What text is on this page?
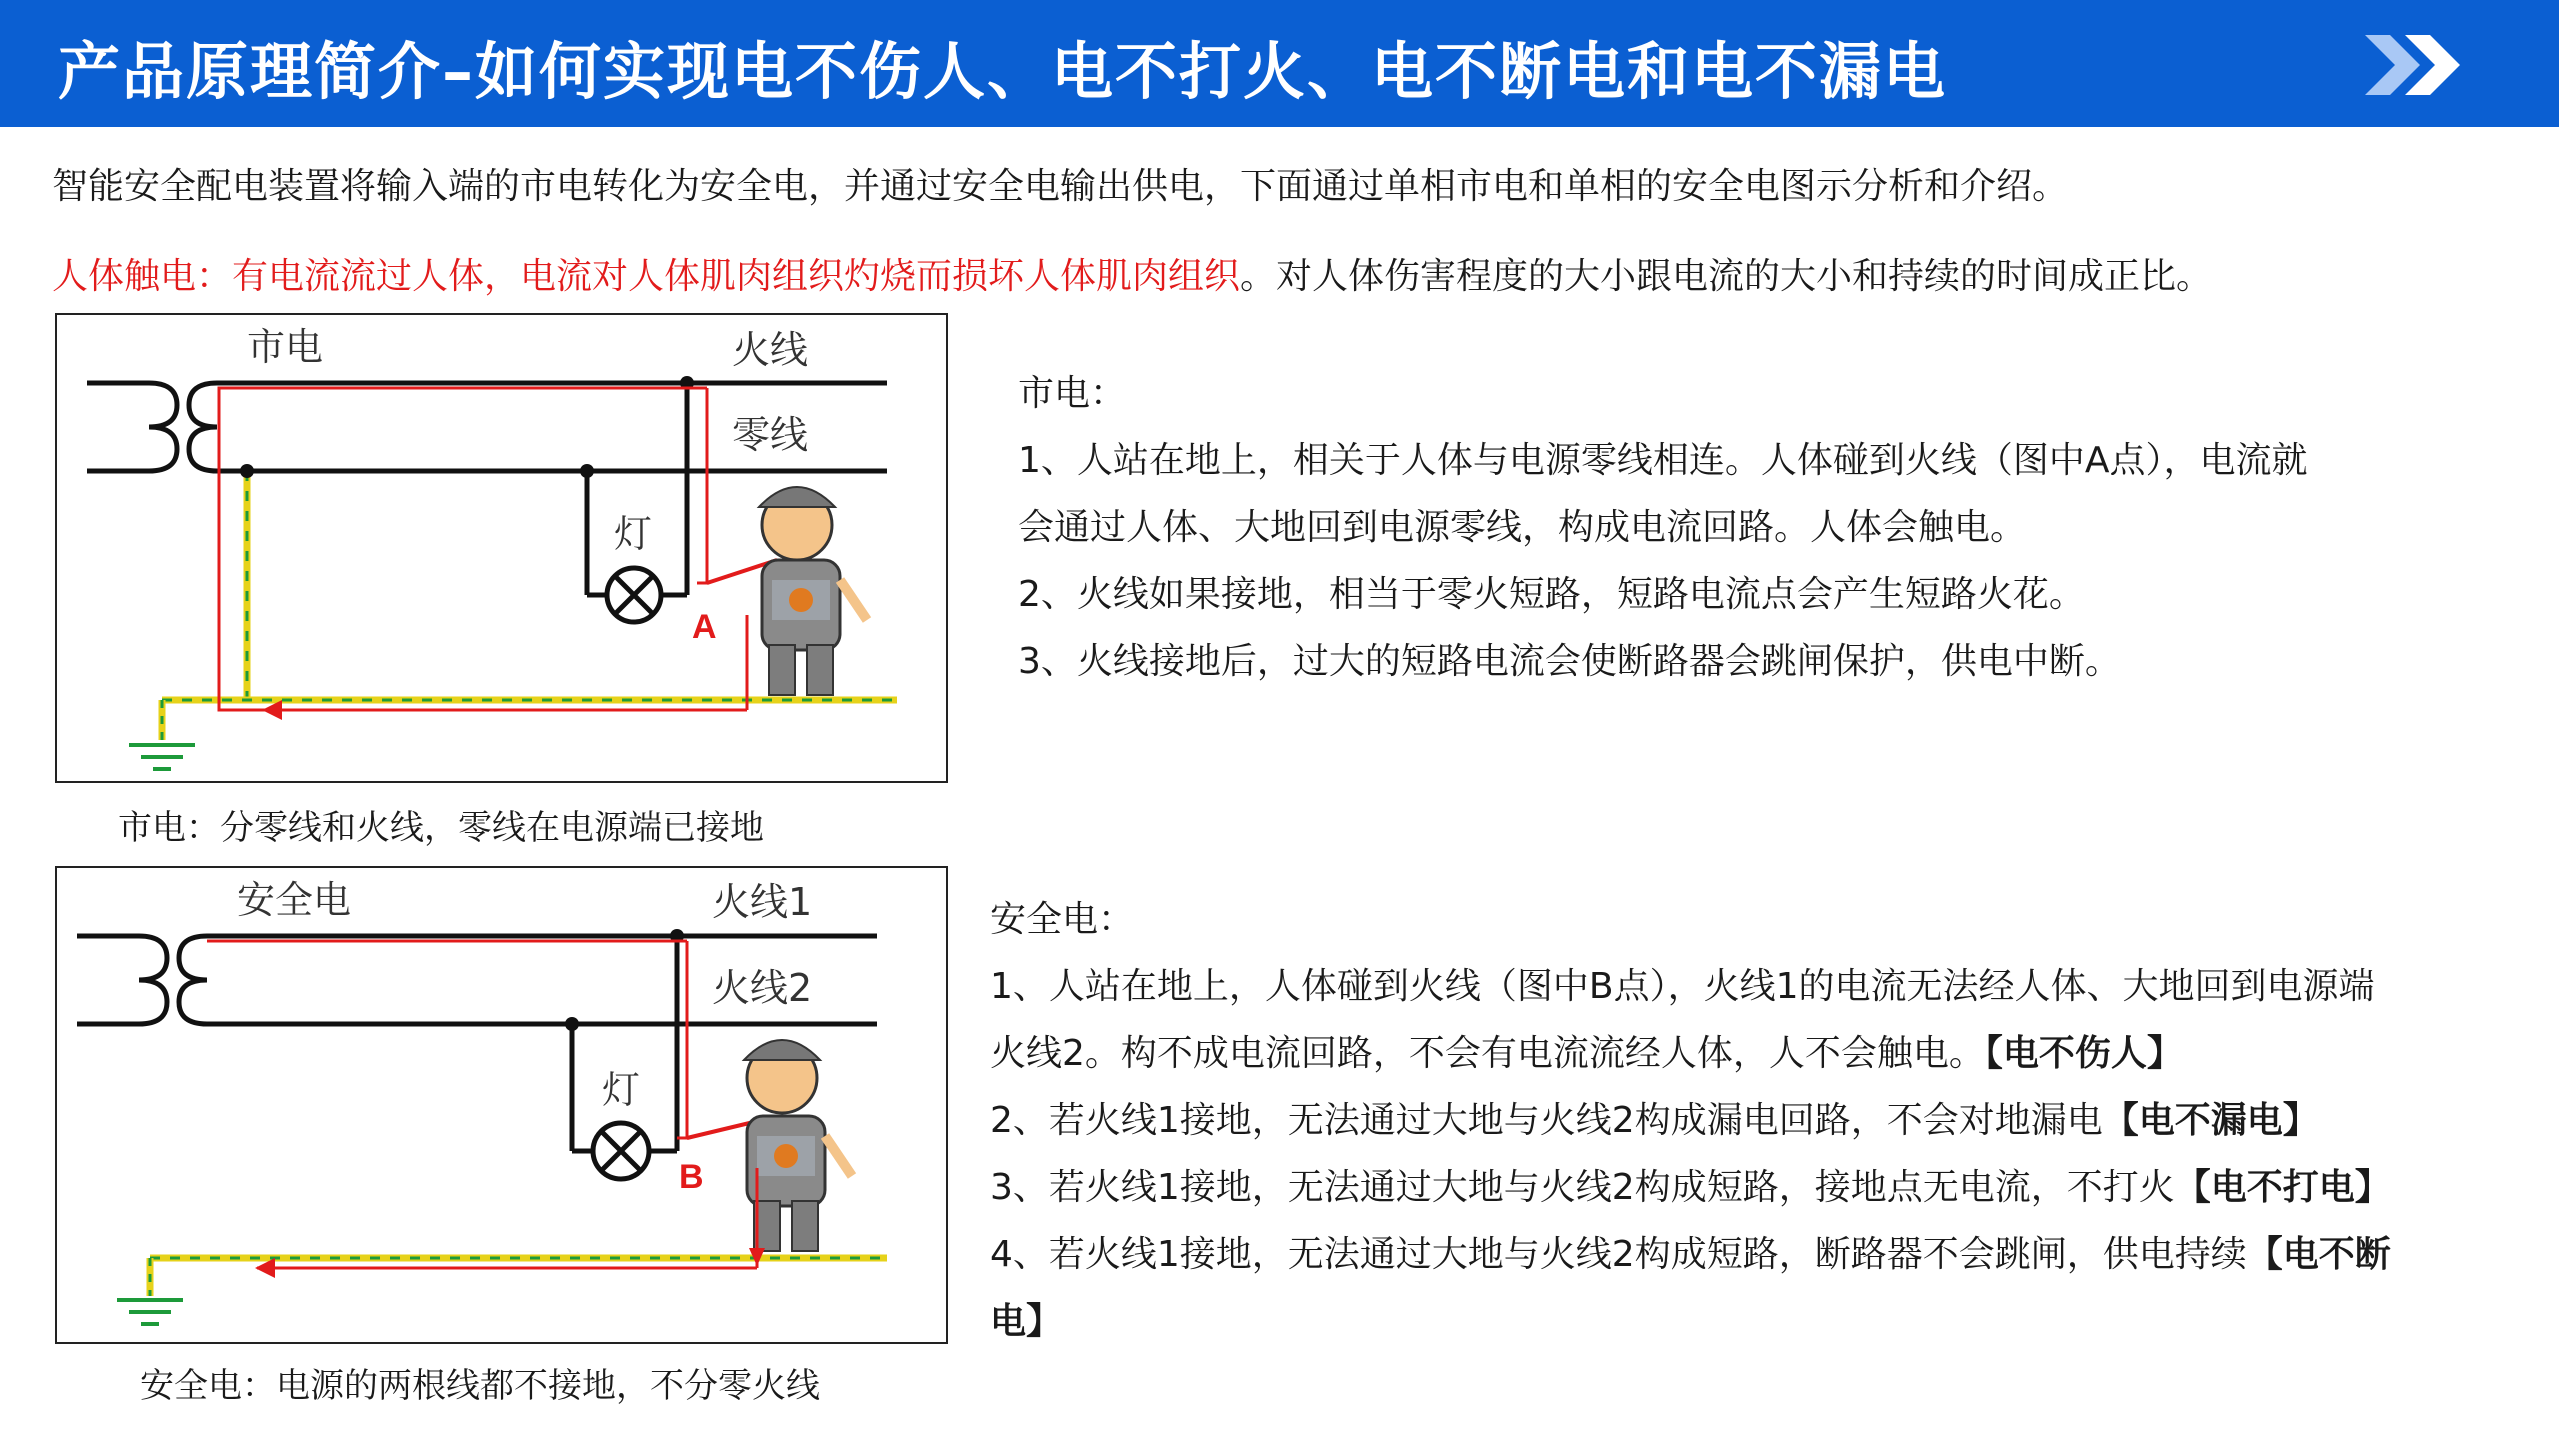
产品原理简介–如何实现电不伤人、电不打火、电不断电和电不漏电
智能安全配电装置将输入端的市电转化为安全电，并通过安全电输出供电，下面通过单相市电和单相的安全电图示分析和介绍。
人体触电：有电流流过人体，电流对人体肌肉组织灼烧而损坏人体肌肉组织。对人体伤害程度的大小跟电流的大小和持续的时间成正比。
市电	火线
零线
灯
A
市电：分零线和火线，零线在电源端已接地
安全电	火线1
火线2
灯
B
安全电：电源的两根线都不接地，不分零火线

市电：

1、人站在地上，相关于人体与电源零线相连。人体碰到火线（图中A点），电流就

会通过人体、大地回到电源零线，构成电流回路。人体会触电。

2、火线如果接地，相当于零火短路，短路电流点会产生短路火花。

3、火线接地后，过大的短路电流会使断路器会跳闸保护，供电中断。

安全电：

1、人站在地上，人体碰到火线（图中B点），火线1的电流无法经人体、大地回到电源端

火线2。构不成电流回路，不会有电流流经人体，人不会触电。【电不伤人】

2、若火线1接地，无法通过大地与火线2构成漏电回路，不会对地漏电【电不漏电】

3、若火线1接地，无法通过大地与火线2构成短路，接地点无电流，不打火【电不打电】

4、若火线1接地，无法通过大地与火线2构成短路，断路器不会跳闸，供电持续【电不断

电】
